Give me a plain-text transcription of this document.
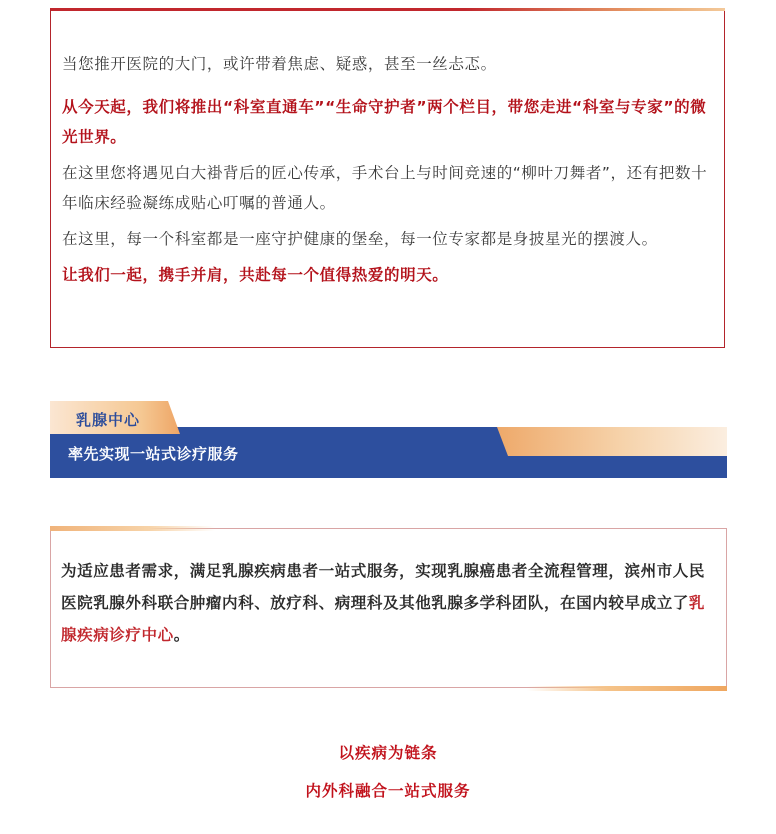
当您推开医院的大门，或许带着焦虑、疑惑，甚至一丝忐忑。

从今天起，我们将推出“科室直通车”“生命守护者”两个栏目，带您走进“科室与专家”的微光世界。

在这里您将遇见白大褂背后的匠心传承，手术台上与时间竞速的“柳叶刀舞者”，还有把数十年临床经验凝练成贴心叮嘱的普通人。

在这里，每一个科室都是一座守护健康的堡垒，每一位专家都是身披星光的摆渡人。

让我们一起，携手并肩，共赴每一个值得热爱的明天。

率先实现一站式诊疗服务
乳腺中心

为适应患者需求，满足乳腺疾病患者一站式服务，实现乳腺癌患者全流程管理，滨州市人民医院乳腺外科联合肿瘤内科、放疗科、病理科及其他乳腺多学科团队，在国内较早成立了乳腺疾病诊疗中心。

以疾病为链条
内外科融合一站式服务
